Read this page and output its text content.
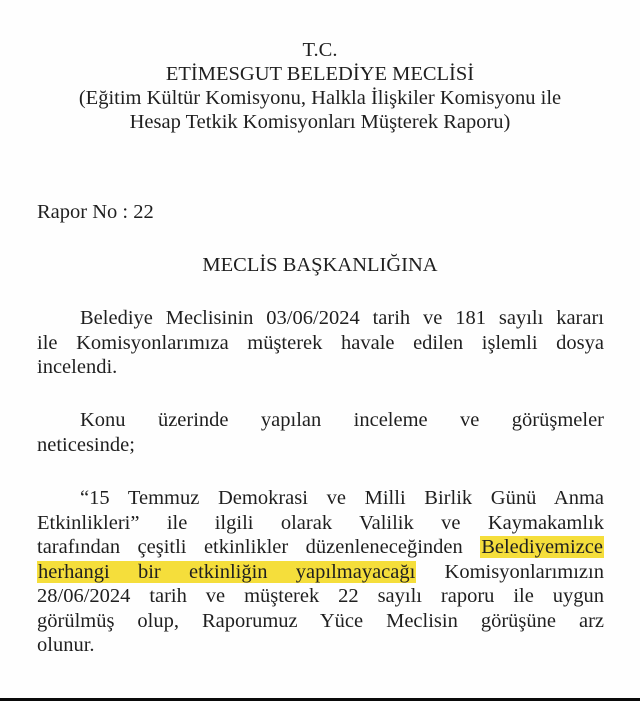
T.C.
ETİMESGUT BELEDİYE MECLİSİ
(Eğitim Kültür Komisyonu, Halkla İlişkiler Komisyonu ile
Hesap Tetkik Komisyonları Müşterek Raporu)
Rapor No : 22
MECLİS BAŞKANLIĞINA
Belediye Meclisinin 03/06/2024 tarih ve 181 sayılı kararı
ile Komisyonlarımıza müşterek havale edilen işlemli dosya
incelendi.
Konu üzerinde yapılan inceleme ve görüşmeler
neticesinde;
“15 Temmuz Demokrasi ve Milli Birlik Günü Anma
Etkinlikleri” ile ilgili olarak Valilik ve Kaymakamlık
tarafından çeşitli etkinlikler düzenleneceğinden Belediyemizce
herhangi bir etkinliğin yapılmayacağı Komisyonlarımızın
28/06/2024 tarih ve müşterek 22 sayılı raporu ile uygun
görülmüş olup, Raporumuz Yüce Meclisin görüşüne arz
olunur.
